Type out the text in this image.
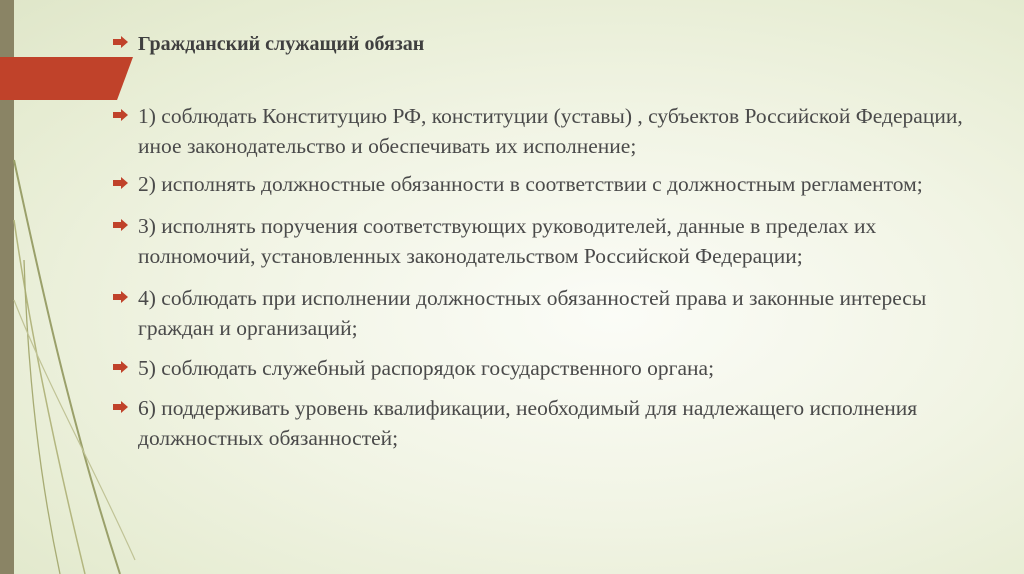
Гражданский служащий обязан
1) соблюдать Конституцию РФ, конституции (уставы) , субъектов Российской Федерации, иное законодательство и обеспечивать их исполнение;
2) исполнять должностные обязанности в соответствии с должностным регламентом;
3) исполнять поручения соответствующих руководителей, данные в пределах их полномочий, установленных законодательством Российской Федерации;
4) соблюдать при исполнении должностных обязанностей права и законные интересы граждан и организаций;
5) соблюдать служебный распорядок государственного органа;
6) поддерживать уровень квалификации, необходимый для надлежащего исполнения должностных обязанностей;
